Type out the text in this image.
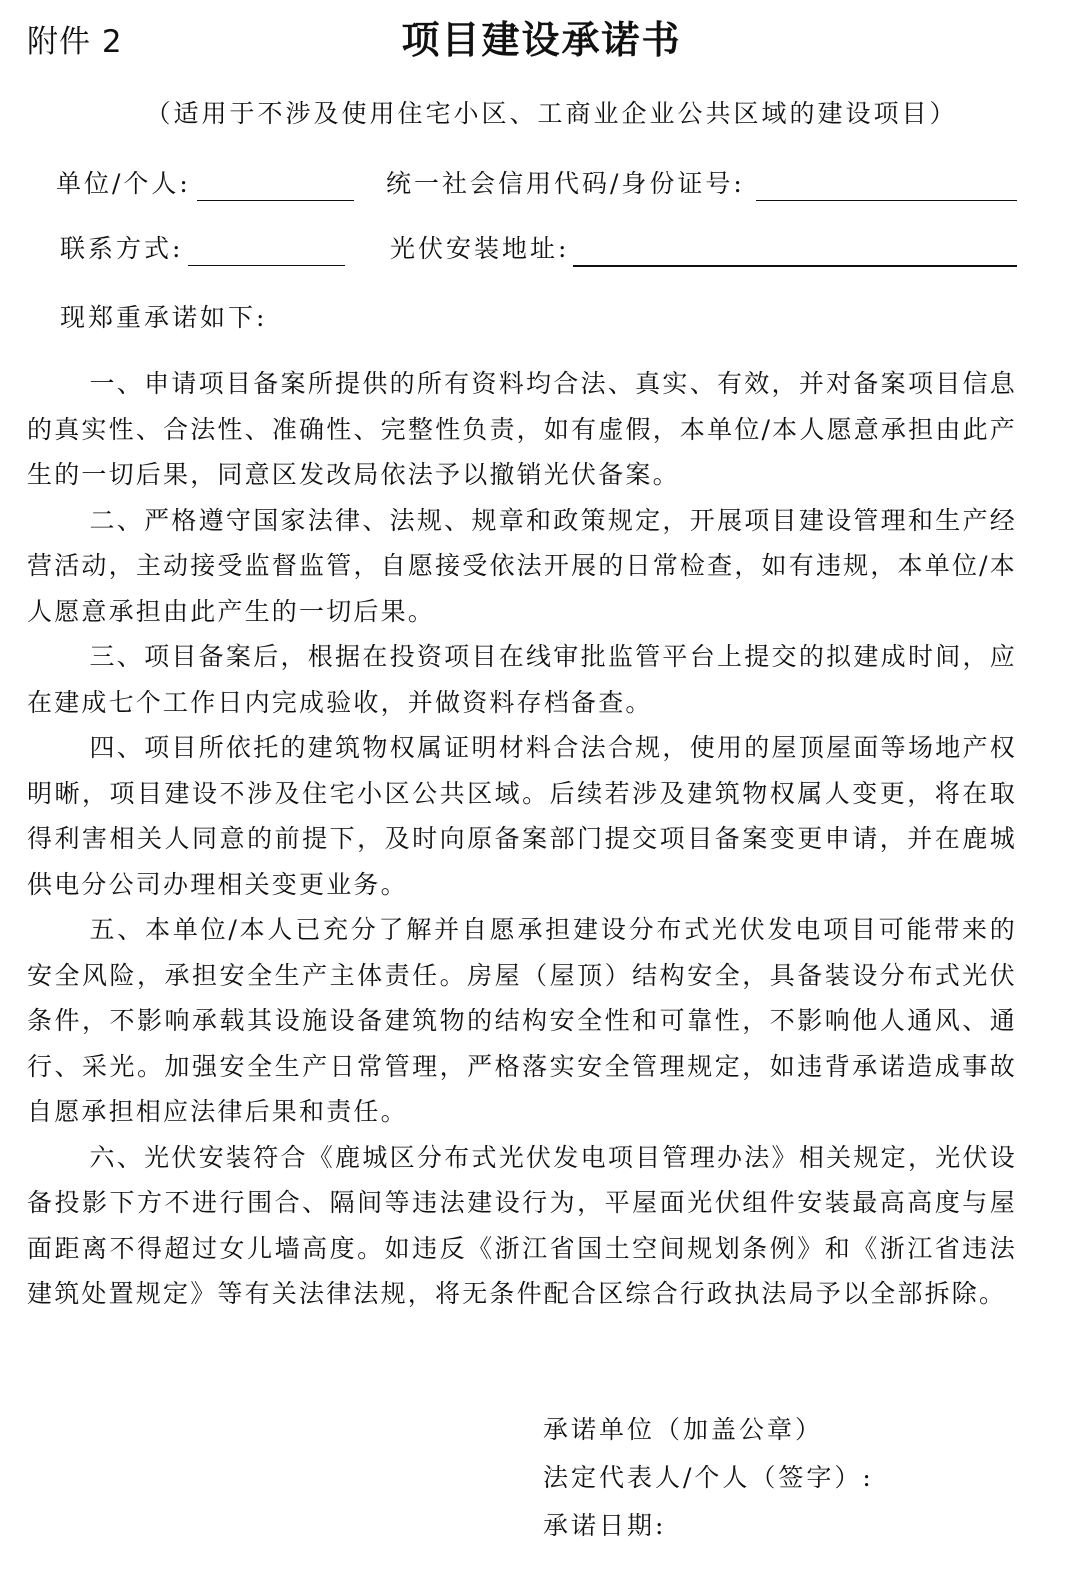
附件 2	项目建设承诺书
（适用于不涉及使用住宅小区、工商业企业公共区域的建设项目）
单位/个人:	统一社会信用代码/身份证号:
联系方式:	光伏安装地址:
现郑重承诺如下:

一、申请项目备案所提供的所有资料均合法、真实、有效，并对备案项目信息的真实性、合法性、准确性、完整性负责，如有虚假，本单位/本人愿意承担由此产生的一切后果，同意区发改局依法予以撤销光伏备案。

二、严格遵守国家法律、法规、规章和政策规定，开展项目建设管理和生产经营活动，主动接受监督监管，自愿接受依法开展的日常检查，如有违规，本单位/本人愿意承担由此产生的一切后果。

三、项目备案后，根据在投资项目在线审批监管平台上提交的拟建成时间，应在建成七个工作日内完成验收，并做资料存档备查。

四、项目所依托的建筑物权属证明材料合法合规，使用的屋顶屋面等场地产权明晰，项目建设不涉及住宅小区公共区域。后续若涉及建筑物权属人变更，将在取得利害相关人同意的前提下，及时向原备案部门提交项目备案变更申请，并在鹿城供电分公司办理相关变更业务。

五、本单位/本人已充分了解并自愿承担建设分布式光伏发电项目可能带来的安全风险，承担安全生产主体责任。房屋（屋顶）结构安全，具备装设分布式光伏条件，不影响承载其设施设备建筑物的结构安全性和可靠性，不影响他人通风、通行、采光。加强安全生产日常管理，严格落实安全管理规定，如违背承诺造成事故自愿承担相应法律后果和责任。

六、光伏安装符合《鹿城区分布式光伏发电项目管理办法》相关规定，光伏设备投影下方不进行围合、隔间等违法建设行为，平屋面光伏组件安装最高高度与屋面距离不得超过女儿墙高度。如违反《浙江省国土空间规划条例》和《浙江省违法建筑处置规定》等有关法律法规，将无条件配合区综合行政执法局予以全部拆除。

承诺单位（加盖公章）
法定代表人/个人（签字）:
承诺日期:
